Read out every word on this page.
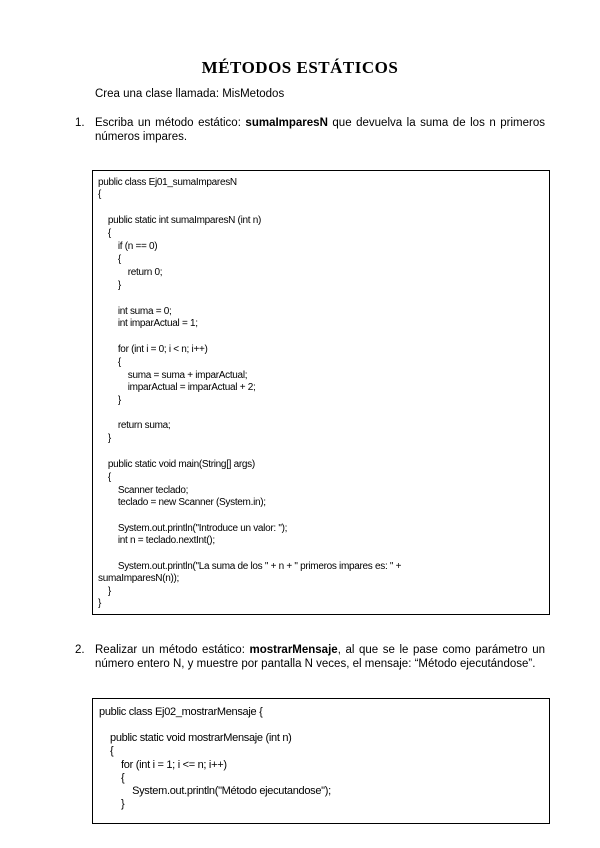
MÉTODOS ESTÁTICOS
Crea una clase llamada: MisMetodos
1. Escriba un método estático: sumaImparesN que devuelva la suma de los n primeros números impares.
public class Ej01_sumaImparesN
{
public static int sumaImparesN (int n)
{
if (n == 0)
{
return 0;
}
int suma = 0;
int imparActual = 1;
for (int i = 0; i < n; i++)
{
suma = suma + imparActual;
imparActual = imparActual + 2;
}
return suma;
}
public static void main(String[] args)
{
Scanner teclado;
teclado = new Scanner (System.in);
System.out.println("Introduce un valor: ");
int n = teclado.nextInt();
System.out.println("La suma de los " + n + " primeros impares es: " +
sumaImparesN(n));
}
}
2. Realizar un método estático: mostrarMensaje, al que se le pase como parámetro un número entero N, y muestre por pantalla N veces, el mensaje: “Método ejecutándose”.
public class Ej02_mostrarMensaje {
public static void mostrarMensaje (int n)
{
for (int i = 1; i <= n; i++)
{
System.out.println("Método ejecutandose");
}
